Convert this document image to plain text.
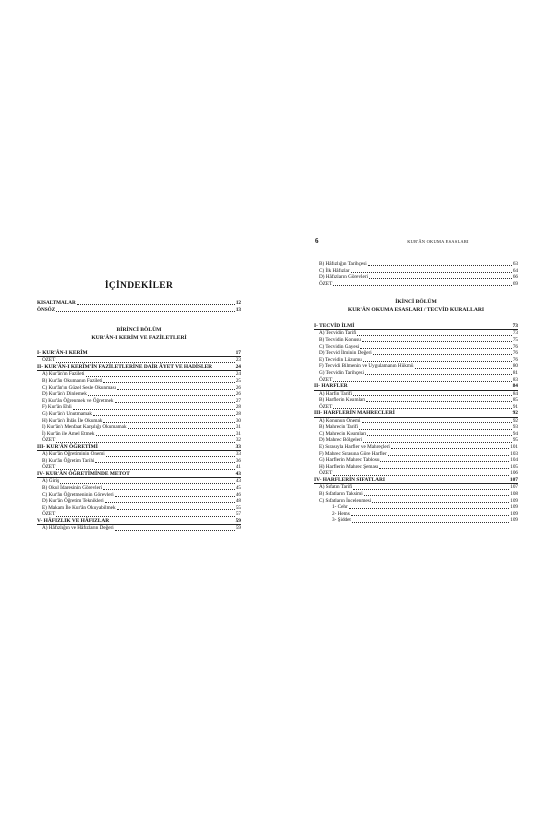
İÇİNDEKİLER
KISALTMALAR	12
ÖNSÖZ	13
BİRİNCİ BÖLÜM
KUR'ÂN-I KERİM VE FAZİLETLERİ
I- KUR'ÂN-I KERÎM	17
ÖZET	23
II- KUR'ÂN-I KERÎM'İN FAZİLETLERİNE DAİR ÂYET VE HADİSLER	24
A) Kur'ân'ın Fazileti	24
B) Kur'ân Okumanın Fazileti	25
C) Kur'ân'ın Güzel Sesle Okunması	26
D) Kur'ân'ı Dinlemek	26
E) Kur'ân Öğrenmek ve Öğretmek	27
F) Kur'ân Ehli	28
G) Kur'ân'ı Unutmamak	28
H) Kur'ân'ı İhlâs İle Okumak	30
I) Kur'ân'ı Menfaat Karşılığı Okumamak	31
İ) Kur'ân ile Amel Etmek	31
ÖZET	32
III- KUR'ÂN ÖĞRETİMİ	33
A) Kur'ân Öğretiminin Önemi	33
B) Kur'ân Öğretim Tarihi	36
ÖZET	41
IV- KUR'ÂN ÖĞRETİMİNDE METOT	43
A) Giriş	43
B) Okul İdaresinin Görevleri	45
C) Kur'ân Öğretmeninin Görevleri	46
D) Kur'ân Öğretim Teknikleri	48
E) Makam İle Kur'ân Okuyabilmek	55
ÖZET	57
V- HÂFIZLIK VE HÂFIZLAR	59
A) Hâfızlığın ve Hâfızların Değeri	59
6	KUR'ÂN OKUMA ESASLARI
B) Hâfızlığın Tarihçesi	63
C) İlk Hâfızlar	64
D) Hâfızların Görevleri	66
ÖZET	69
İKİNCİ BÖLÜM
KUR'ÂN OKUMA ESASLARI / TECVİD KURALLARI
I- TECVİD İLMİ	73
A) Tecvidin Tarifi	73
B) Tecvidin Konusu	75
C) Tecvidin Gayesi	76
D) Tecvid İlminin Değeri	76
E) Tecvidin Lüzumu	76
F) Tecvidi Bilmenin ve Uygulamanın Hükmü	80
G) Tecvidin Tarihçesi	81
ÖZET	83
II- HARFLER	84
A) Harfin Tarifi	84
B) Harflerin Kısımları	85
ÖZET	91
III- HARFLERİN MAHRECLERİ	92
A) Konunun Önemi	92
B) Mahrecin Tarifi	93
C) Mahrecin Kısımları	94
D) Mahrec Bölgeleri	95
E) Sırasıyla Harfler ve Mahreçleri	101
F) Mahrec Sırasına Göre Harfler	103
G) Harflerin Mahrec Tablosu	104
H) Harflerin Mahrec Şeması	105
ÖZET	106
IV- HARFLERİN SIFATLARI	107
A) Sıfatın Tarifi	107
B) Sıfatların Taksimi	108
C) Sıfatların İncelenmesi	109
1- Cehr	109
2- Hems	109
3- Şiddet	109
